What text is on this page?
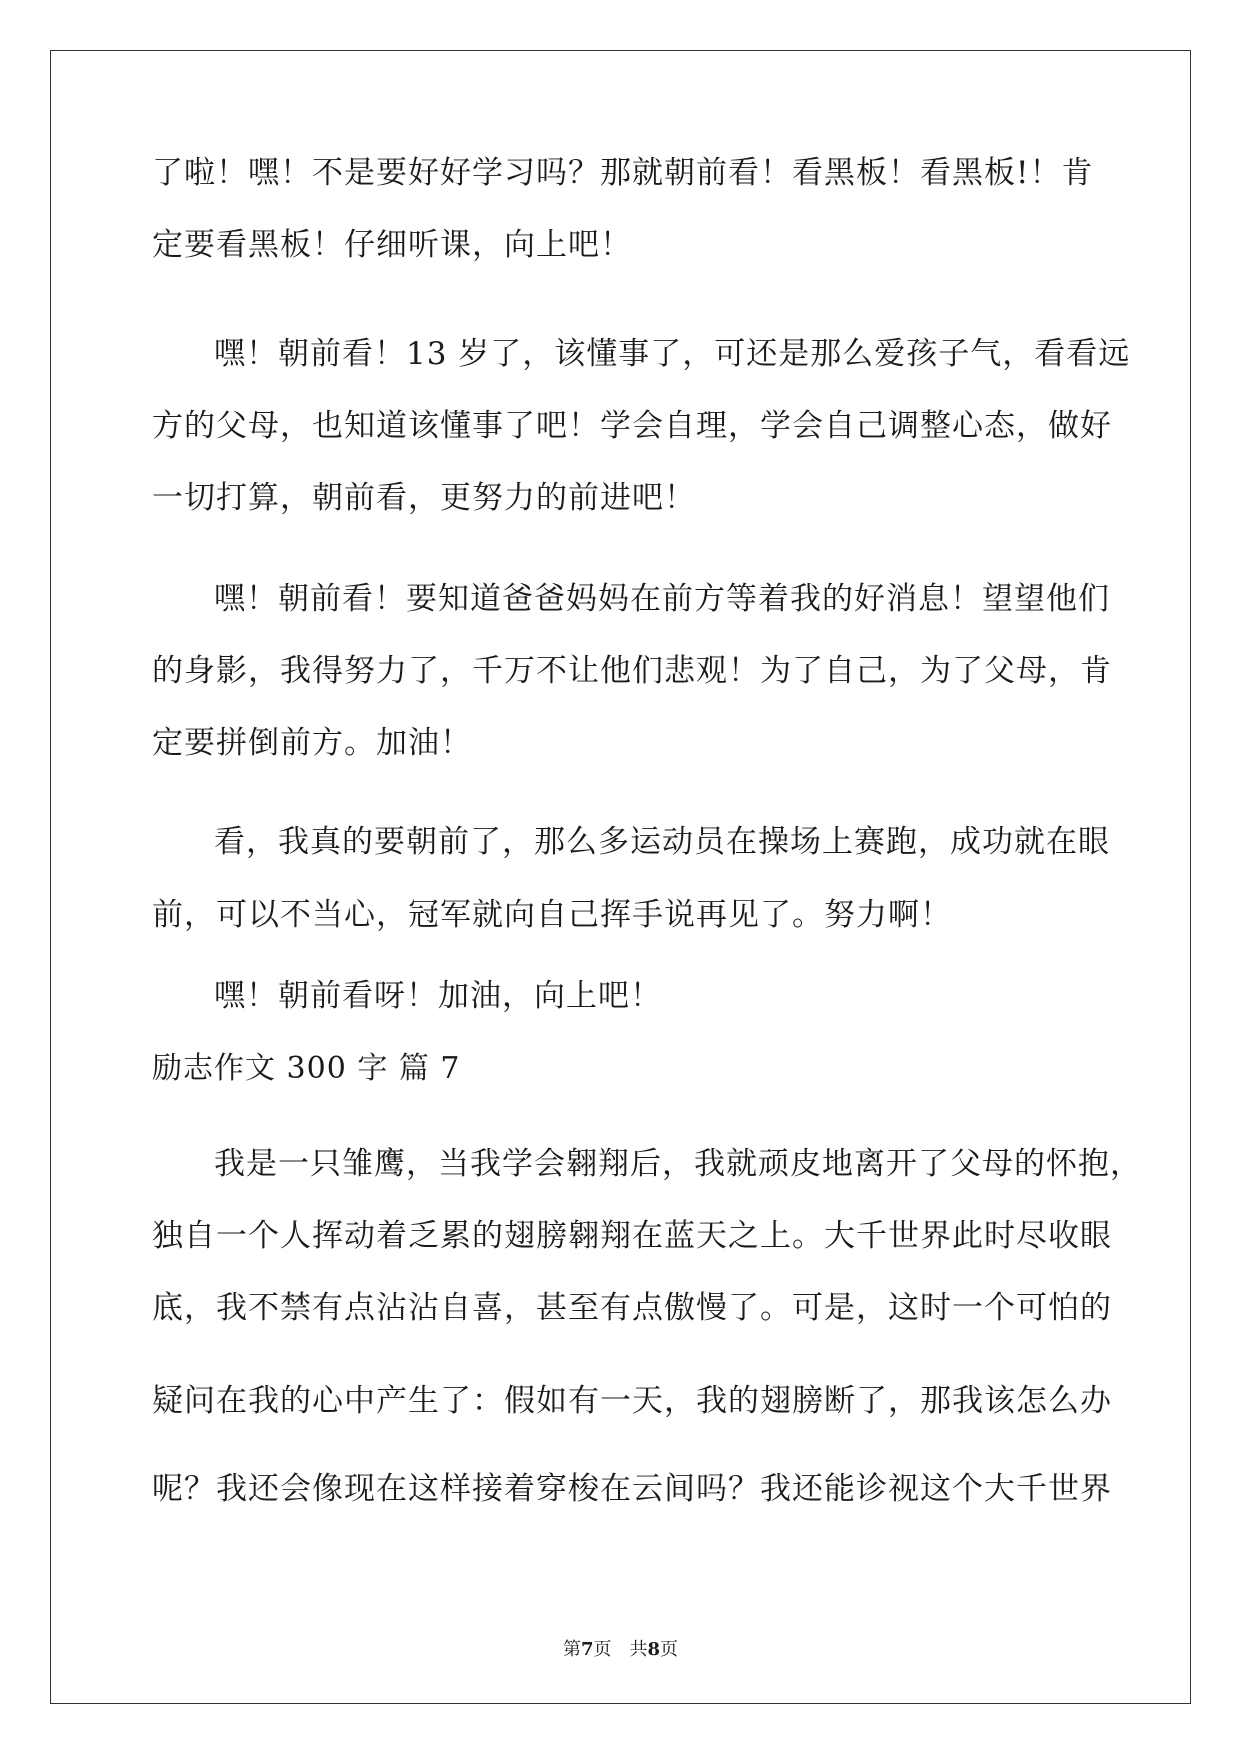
了啦！嘿！不是要好好学习吗？那就朝前看！看黑板！看黑板!！肯
定要看黑板！仔细听课，向上吧！
嘿！朝前看！13 岁了，该懂事了，可还是那么爱孩子气，看看远
方的父母，也知道该懂事了吧！学会自理，学会自己调整心态，做好
一切打算，朝前看，更努力的前进吧！
嘿！朝前看！要知道爸爸妈妈在前方等着我的好消息！望望他们
的身影，我得努力了，千万不让他们悲观！为了自己，为了父母，肯
定要拼倒前方。加油！
看，我真的要朝前了，那么多运动员在操场上赛跑，成功就在眼
前，可以不当心，冠军就向自己挥手说再见了。努力啊！
嘿！朝前看呀！加油，向上吧！
励志作文 300 字 篇 7
我是一只雏鹰，当我学会翱翔后，我就顽皮地离开了父母的怀抱，
独自一个人挥动着乏累的翅膀翱翔在蓝天之上。大千世界此时尽收眼
底，我不禁有点沾沾自喜，甚至有点傲慢了。可是，这时一个可怕的
疑问在我的心中产生了：假如有一天，我的翅膀断了，那我该怎么办
呢？我还会像现在这样接着穿梭在云间吗？我还能诊视这个大千世界
第7页　共8页
